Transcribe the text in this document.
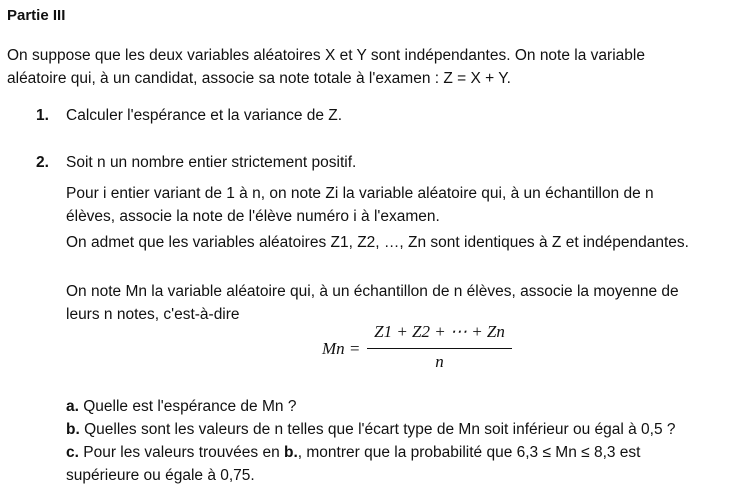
Partie III
On suppose que les deux variables aléatoires X et Y sont indépendantes. On note la variable
aléatoire qui, à un candidat, associe sa note totale à l'examen : Z = X + Y.
1. Calculer l'espérance et la variance de Z.
2. Soit n un nombre entier strictement positif.
Pour i entier variant de 1 à n, on note Zi la variable aléatoire qui, à un échantillon de n
élèves, associe la note de l'élève numéro i à l'examen.
On admet que les variables aléatoires Z1, Z2, …, Zn sont identiques à Z et indépendantes.
On note Mn la variable aléatoire qui, à un échantillon de n élèves, associe la moyenne de
leurs n notes, c'est-à-dire
Mn =
Z1 + Z2 + ⋯ + Zn
n
a. Quelle est l'espérance de Mn ?
b. Quelles sont les valeurs de n telles que l'écart type de Mn soit inférieur ou égal à 0,5 ?
c. Pour les valeurs trouvées en b., montrer que la probabilité que 6,3 ≤ Mn ≤ 8,3 est
supérieure ou égale à 0,75.
